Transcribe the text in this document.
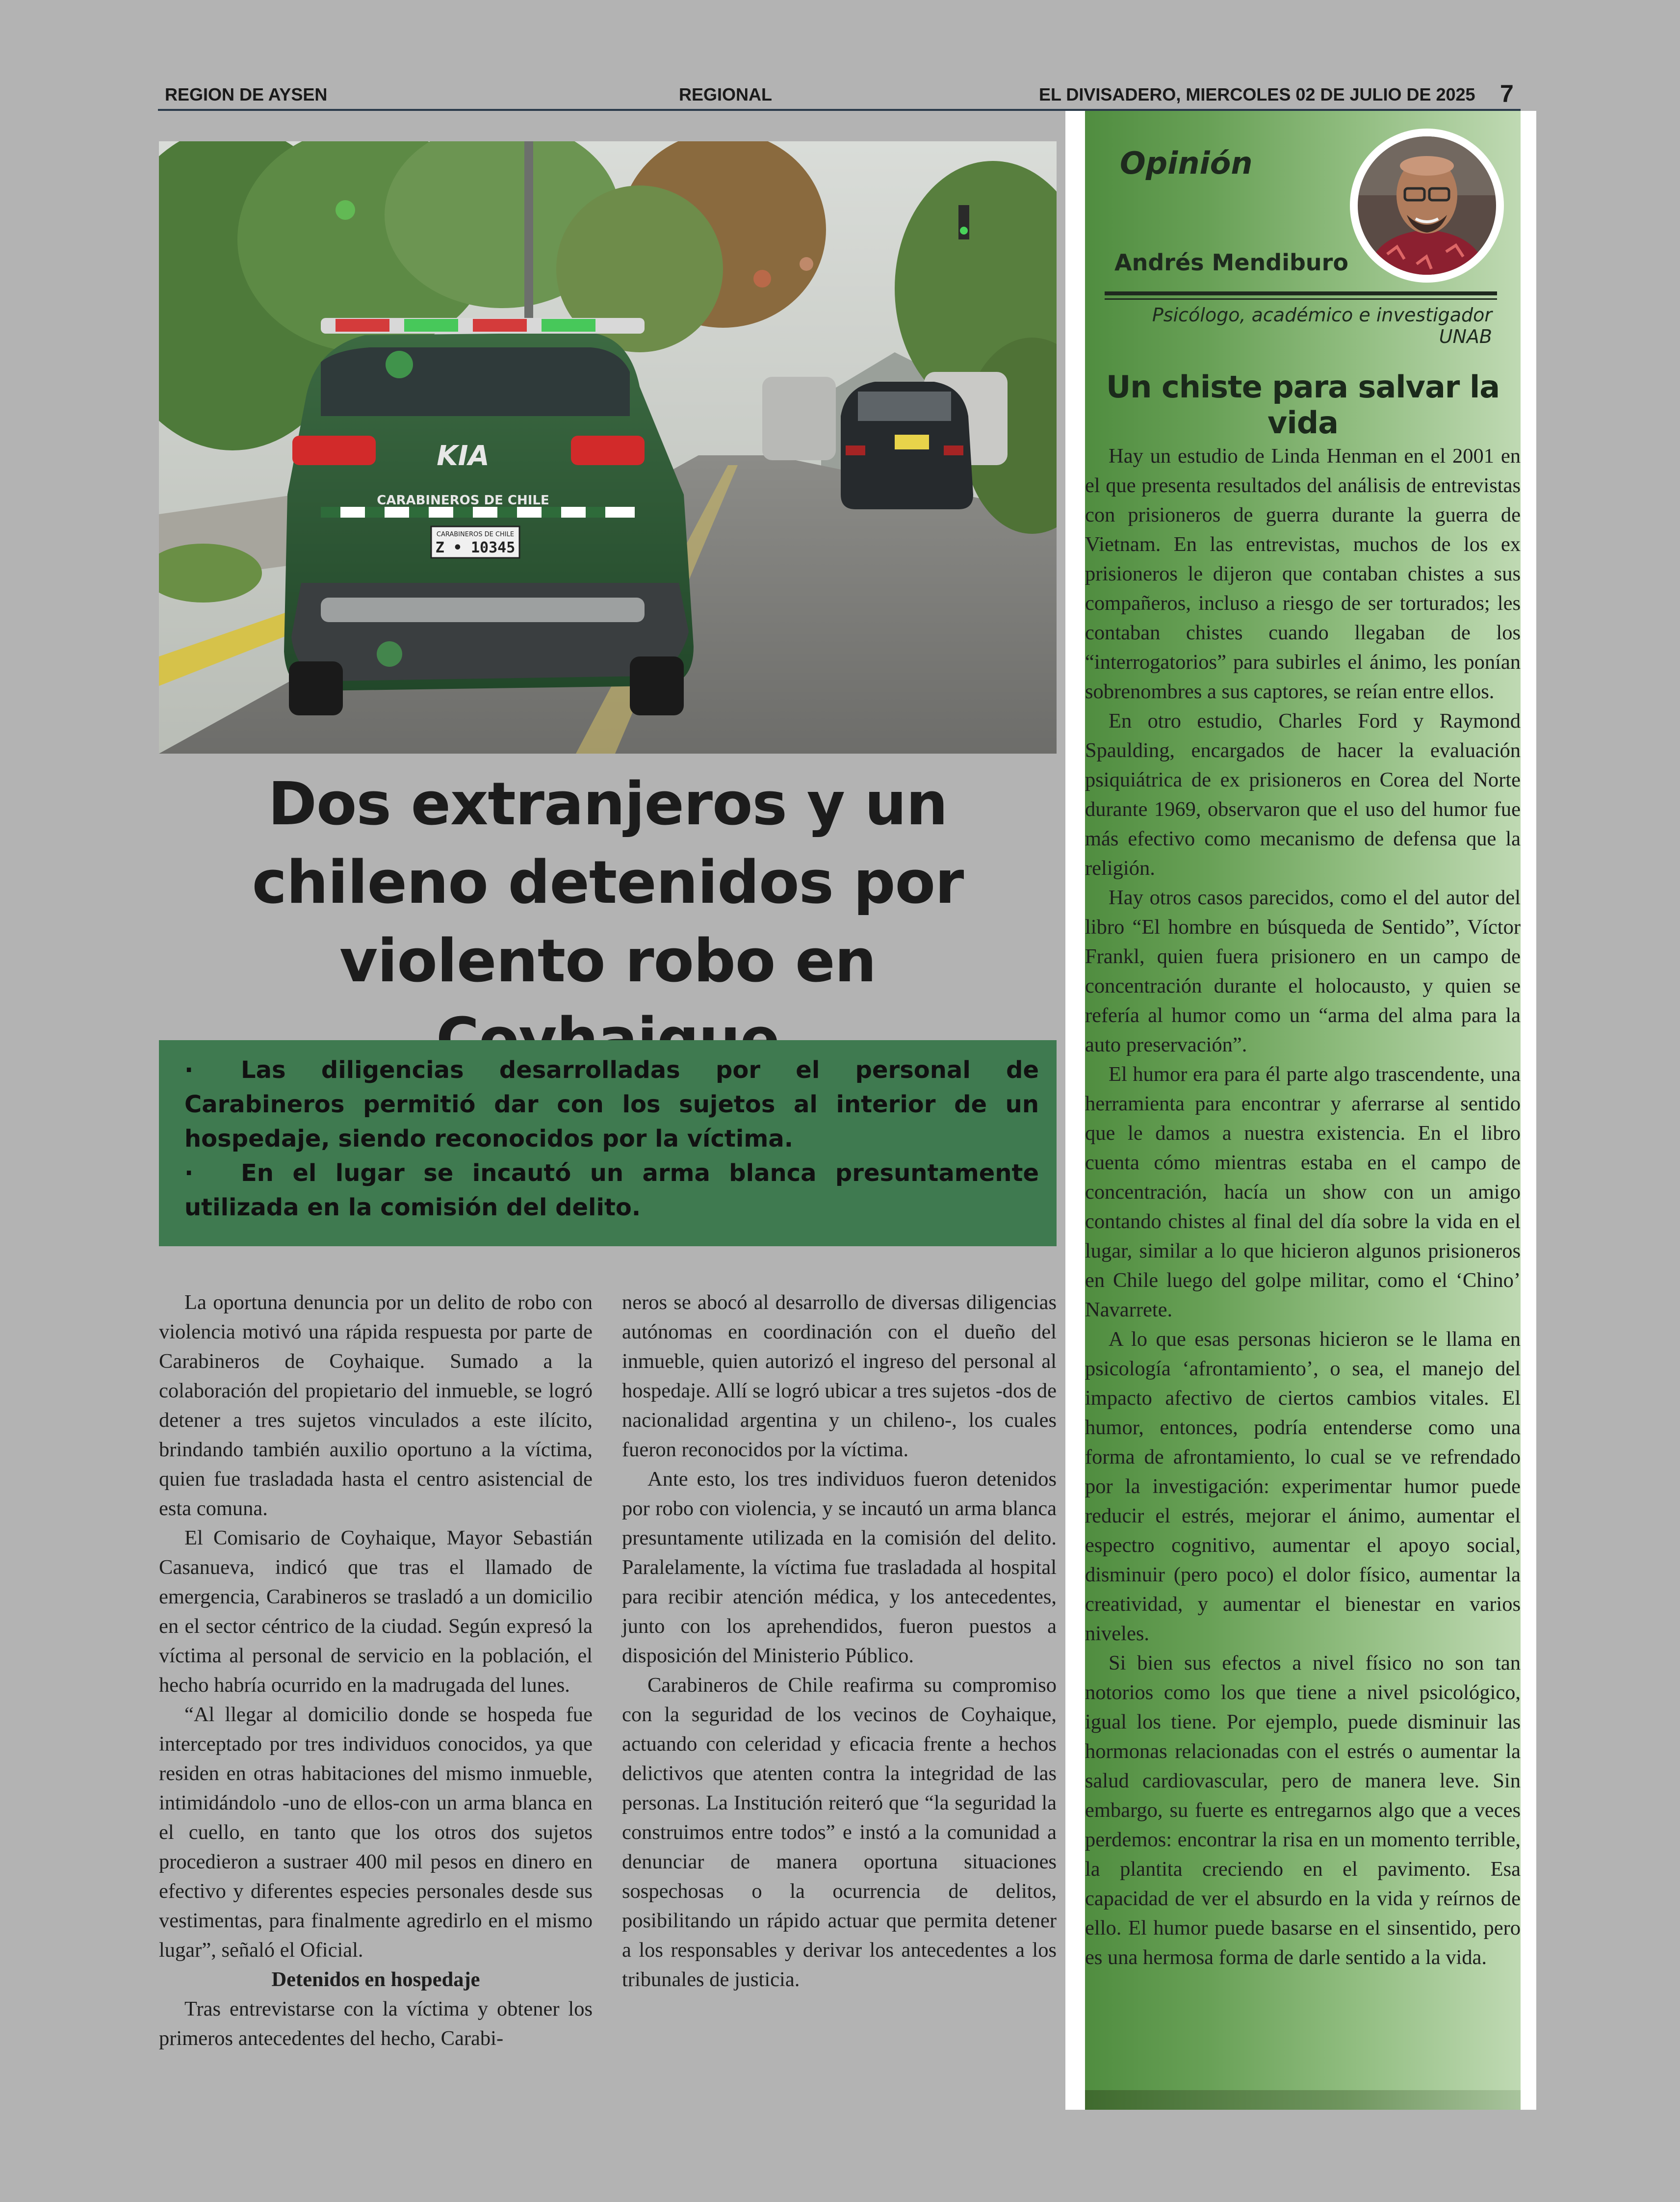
REGION DE AYSEN	REGIONAL	EL DIVISADERO, MIERCOLES 02 DE JULIO DE 2025 7
KIA
CARABINEROS DE CHILE
CARABINEROS DE CHILE
Z • 10345
Dos extranjeros y un
chileno detenidos por
violento robo en

· Las diligencias desarrolladas por el personal de Carabineros permitió dar con los sujetos al interior de un hospedaje, siendo reconocidos por la víctima.

· En el lugar se incautó un arma blanca presuntamente utilizada en la comisión del delito.

La oportuna denuncia por un delito de robo con violencia motivó una rápida respuesta por parte de Carabineros de Coyhaique. Sumado a la colaboración del propietario del inmueble, se logró detener a tres sujetos vinculados a este ilícito, brindando también auxilio oportuno a la víctima, quien fue trasladada hasta el centro asistencial de esta comuna.

El Comisario de Coyhaique, Mayor Sebastián Casanueva, indicó que tras el llamado de emergencia, Carabineros se trasladó a un domicilio en el sector céntrico de la ciudad. Según expresó la víctima al personal de servicio en la población, el hecho habría ocurrido en la madrugada del lunes.

“Al llegar al domicilio donde se hospeda fue interceptado por tres individuos conocidos, ya que residen en otras habitaciones del mismo inmueble, intimidándolo -uno de ellos-con un arma blanca en el cuello, en tanto que los otros dos sujetos procedieron a sustraer 400 mil pesos en dinero en efectivo y diferentes especies personales desde sus vestimentas, para finalmente agredirlo en el mismo lugar”, señaló el Oficial.

Detenidos en hospedaje

Tras entrevistarse con la víctima y obtener los primeros antecedentes del hecho, Carabi-

neros se abocó al desarrollo de diversas diligencias autónomas en coordinación con el dueño del inmueble, quien autorizó el ingreso del personal al hospedaje. Allí se logró ubicar a tres sujetos -dos de nacionalidad argentina y un chileno-, los cuales fueron reconocidos por la víctima.

Ante esto, los tres individuos fueron detenidos por robo con violencia, y se incautó un arma blanca presuntamente utilizada en la comisión del delito. Paralelamente, la víctima fue trasladada al hospital para recibir atención médica, y los antecedentes, junto con los aprehendidos, fueron puestos a disposición del Ministerio Público.

Carabineros de Chile reafirma su compromiso con la seguridad de los vecinos de Coyhaique, actuando con celeridad y eficacia frente a hechos delictivos que atenten contra la integridad de las personas. La Institución reiteró que “la seguridad la construimos entre todos” e instó a la comunidad a denunciar de manera oportuna situaciones sospechosas o la ocurrencia de delitos, posibilitando un rápido actuar que permita detener a los responsables y derivar los antecedentes a los tribunales de justicia.

Opinión
Andrés Mendiburo
Psicólogo, académico e investigador UNAB
Un chiste para salvar la vida

Hay un estudio de Linda Henman en el 2001 en el que presenta resultados del análisis de entrevistas con prisioneros de guerra durante la guerra de Vietnam. En las entrevistas, muchos de los ex prisioneros le dijeron que contaban chistes a sus compañeros, incluso a riesgo de ser torturados; les contaban chistes cuando llegaban de los “interrogatorios” para subirles el ánimo, les ponían sobrenombres a sus captores, se reían entre ellos.

En otro estudio, Charles Ford y Raymond Spaulding, encargados de hacer la evaluación psiquiátrica de ex prisioneros en Corea del Norte durante 1969, observaron que el uso del humor fue más efectivo como mecanismo de defensa que la religión.

Hay otros casos parecidos, como el del autor del libro “El hombre en búsqueda de Sentido”, Víctor Frankl, quien fuera prisionero en un campo de concentración durante el holocausto, y quien se refería al humor como un “arma del alma para la auto preservación”.

El humor era para él parte algo trascendente, una herramienta para encontrar y aferrarse al sentido que le damos a nuestra existencia. En el libro cuenta cómo mientras estaba en el campo de concentración, hacía un show con un amigo contando chistes al final del día sobre la vida en el lugar, similar a lo que hicieron algunos prisioneros en Chile luego del golpe militar, como el ‘Chino’ Navarrete.

A lo que esas personas hicieron se le llama en psicología ‘afrontamiento’, o sea, el manejo del impacto afectivo de ciertos cambios vitales. El humor, entonces, podría entenderse como una forma de afrontamiento, lo cual se ve refrendado por la investigación: experimentar humor puede reducir el estrés, mejorar el ánimo, aumentar el espectro cognitivo, aumentar el apoyo social, disminuir (pero poco) el dolor físico, aumentar la creatividad, y aumentar el bienestar en varios niveles.

Si bien sus efectos a nivel físico no son tan notorios como los que tiene a nivel psicológico, igual los tiene. Por ejemplo, puede disminuir las hormonas relacionadas con el estrés o aumentar la salud cardiovascular, pero de manera leve. Sin embargo, su fuerte es entregarnos algo que a veces perdemos: encontrar la risa en un momento terrible, la plantita creciendo en el pavimento. Esa capacidad de ver el absurdo en la vida y reírnos de ello. El humor puede basarse en el sinsentido, pero es una hermosa forma de darle sentido a la vida.
